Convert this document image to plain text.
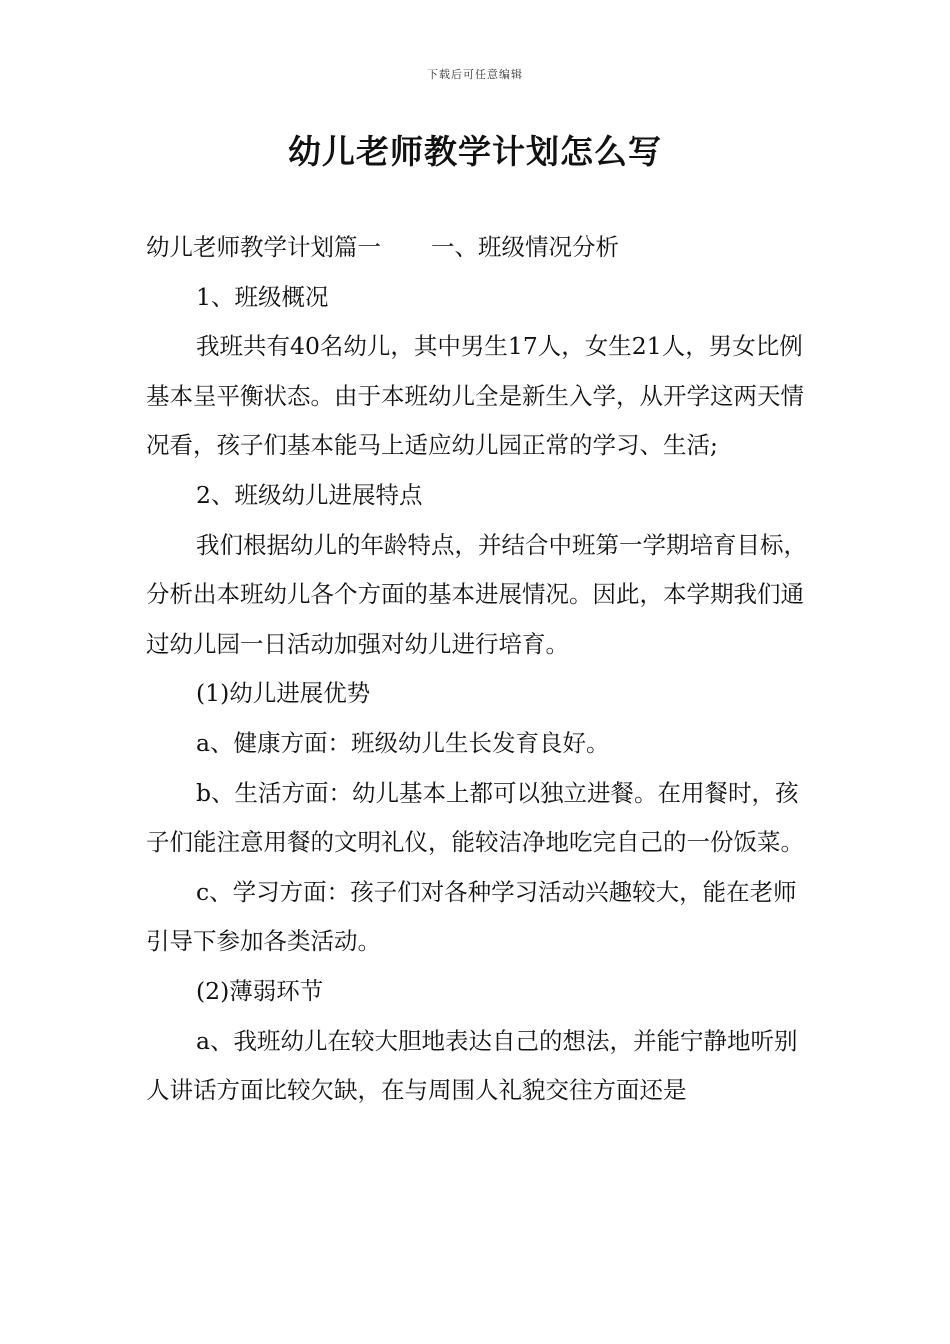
下载后可任意编辑
幼儿老师教学计划怎么写

幼儿老师教学计划篇一 一、班级情况分析

1、班级概况

我班共有40名幼儿，其中男生17人，女生21人，男女比例基本呈平衡状态。由于本班幼儿全是新生入学，从开学这两天情况看，孩子们基本能马上适应幼儿园正常的学习、生活;

2、班级幼儿进展特点

我们根据幼儿的年龄特点，并结合中班第一学期培育目标，分析出本班幼儿各个方面的基本进展情况。因此，本学期我们通过幼儿园一日活动加强对幼儿进行培育。

(1)幼儿进展优势

a、健康方面：班级幼儿生长发育良好。

b、生活方面：幼儿基本上都可以独立进餐。在用餐时，孩子们能注意用餐的文明礼仪，能较洁净地吃完自己的一份饭菜。

c、学习方面：孩子们对各种学习活动兴趣较大，能在老师引导下参加各类活动。

(2)薄弱环节

a、我班幼儿在较大胆地表达自己的想法，并能宁静地听别人讲话方面比较欠缺，在与周围人礼貌交往方面还是
